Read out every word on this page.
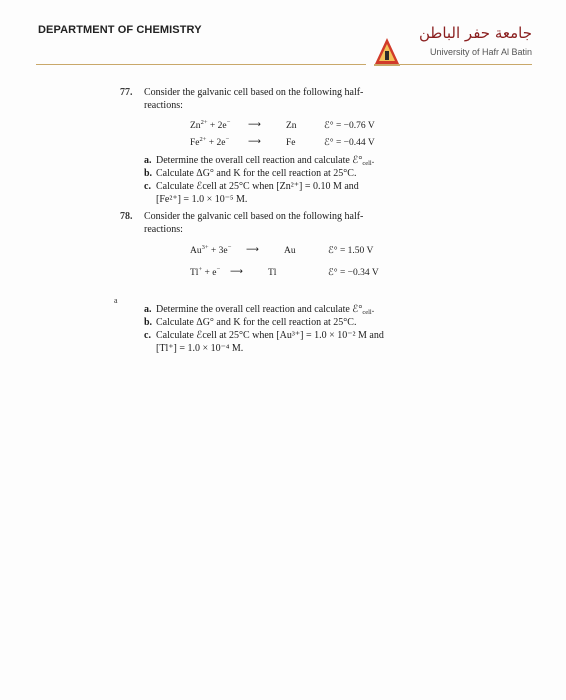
DEPARTMENT OF CHEMISTRY	جامعة حفر الباطن
University of Hafr Al Batin
77.	Consider the galvanic cell based on the following half-
reactions:
$Zn^{2+} + 2e^-$ ⟶	Zn	ℰ° = −0.76 V
$Fe^{2+} + 2e^-$ ⟶	Fe	ℰ° = −0.44 V
a. Determine the overall cell reaction and calculate $ℰ^\circ_{cell}$.
b. Calculate ΔG° and K for the cell reaction at 25°C.
c. Calculate ℰcell at 25°C when [Zn²⁺] = 0.10 M and
[Fe²⁺] = 1.0 × 10⁻⁵ M.
78.	Consider the galvanic cell based on the following half-
reactions:
$Au^{3+} + 3e^-$ ⟶	Au	ℰ° = 1.50 V
Tl+ + e− ⟶	Tl	ℰ° = −0.34 V
a. Determine the overall cell reaction and calculate $ℰ^\circ_{cell}$.
b. Calculate ΔG° and K for the cell reaction at 25°C.
c. Calculate ℰcell at 25°C when [Au³⁺] = 1.0 × 10⁻² M and
[Tl⁺] = 1.0 × 10⁻⁴ M.
a
